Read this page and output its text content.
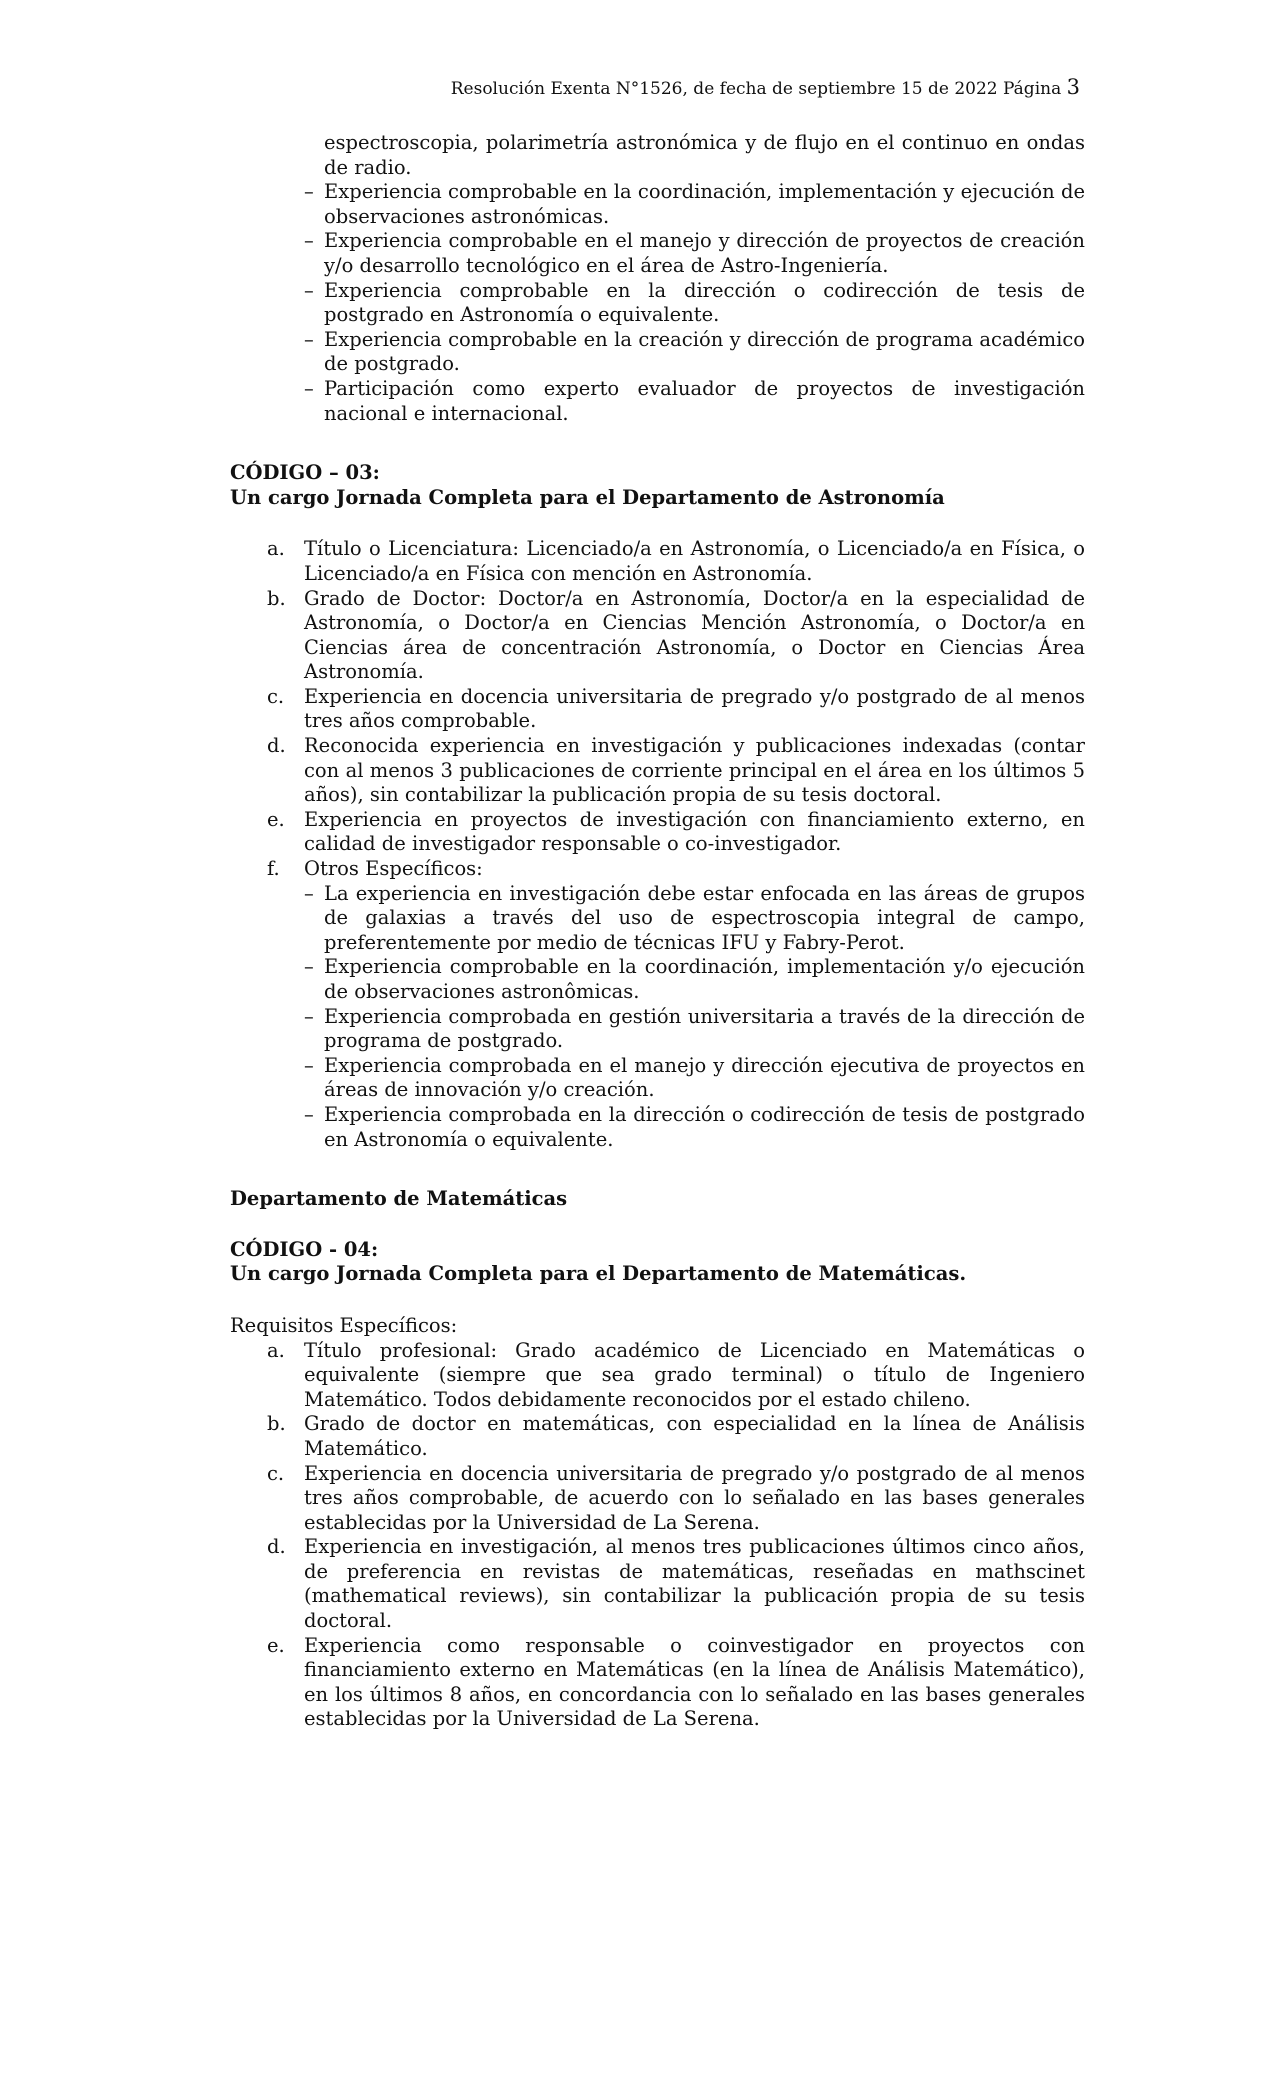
Resolución Exenta N°1526, de fecha de septiembre 15 de 2022 Página 3

espectroscopia, polarimetría astronómica y de flujo en el continuo en ondas de radio.

– Experiencia comprobable en la coordinación, implementación y ejecución de observaciones astronómicas.
– Experiencia comprobable en el manejo y dirección de proyectos de creación y/o desarrollo tecnológico en el área de Astro-Ingeniería.
– Experiencia comprobable en la dirección o codirección de tesis de postgrado en Astronomía o equivalente.
– Experiencia comprobable en la creación y dirección de programa académico de postgrado.
– Participación como experto evaluador de proyectos de investigación nacional e internacional.

CÓDIGO – 03:

Un cargo Jornada Completa para el Departamento de Astronomía

a. Título o Licenciatura: Licenciado/a en Astronomía, o Licenciado/a en Física, o Licenciado/a en Física con mención en Astronomía.
b. Grado de Doctor: Doctor/a en Astronomía, Doctor/a en la especialidad de Astronomía, o Doctor/a en Ciencias Mención Astronomía, o Doctor/a en Ciencias área de concentración Astronomía, o Doctor en Ciencias Área Astronomía.
c. Experiencia en docencia universitaria de pregrado y/o postgrado de al menos tres años comprobable.
d. Reconocida experiencia en investigación y publicaciones indexadas (contar con al menos 3 publicaciones de corriente principal en el área en los últimos 5 años), sin contabilizar la publicación propia de su tesis doctoral.
e. Experiencia en proyectos de investigación con financiamiento externo, en calidad de investigador responsable o co-investigador.
f. Otros Específicos:
– La experiencia en investigación debe estar enfocada en las áreas de grupos de galaxias a través del uso de espectroscopia integral de campo, preferentemente por medio de técnicas IFU y Fabry-Perot.
– Experiencia comprobable en la coordinación, implementación y/o ejecución de observaciones astronômicas.
– Experiencia comprobada en gestión universitaria a través de la dirección de programa de postgrado.
– Experiencia comprobada en el manejo y dirección ejecutiva de proyectos en áreas de innovación y/o creación.
– Experiencia comprobada en la dirección o codirección de tesis de postgrado en Astronomía o equivalente.

Departamento de Matemáticas

CÓDIGO - 04:

Un cargo Jornada Completa para el Departamento de Matemáticas.

Requisitos Específicos:

a. Título profesional: Grado académico de Licenciado en Matemáticas o equivalente (siempre que sea grado terminal) o título de Ingeniero Matemático. Todos debidamente reconocidos por el estado chileno.
b. Grado de doctor en matemáticas, con especialidad en la línea de Análisis Matemático.
c. Experiencia en docencia universitaria de pregrado y/o postgrado de al menos tres años comprobable, de acuerdo con lo señalado en las bases generales establecidas por la Universidad de La Serena.
d. Experiencia en investigación, al menos tres publicaciones últimos cinco años, de preferencia en revistas de matemáticas, reseñadas en mathscinet (mathematical reviews), sin contabilizar la publicación propia de su tesis doctoral.
e. Experiencia como responsable o coinvestigador en proyectos con financiamiento externo en Matemáticas (en la línea de Análisis Matemático), en los últimos 8 años, en concordancia con lo señalado en las bases generales establecidas por la Universidad de La Serena.
